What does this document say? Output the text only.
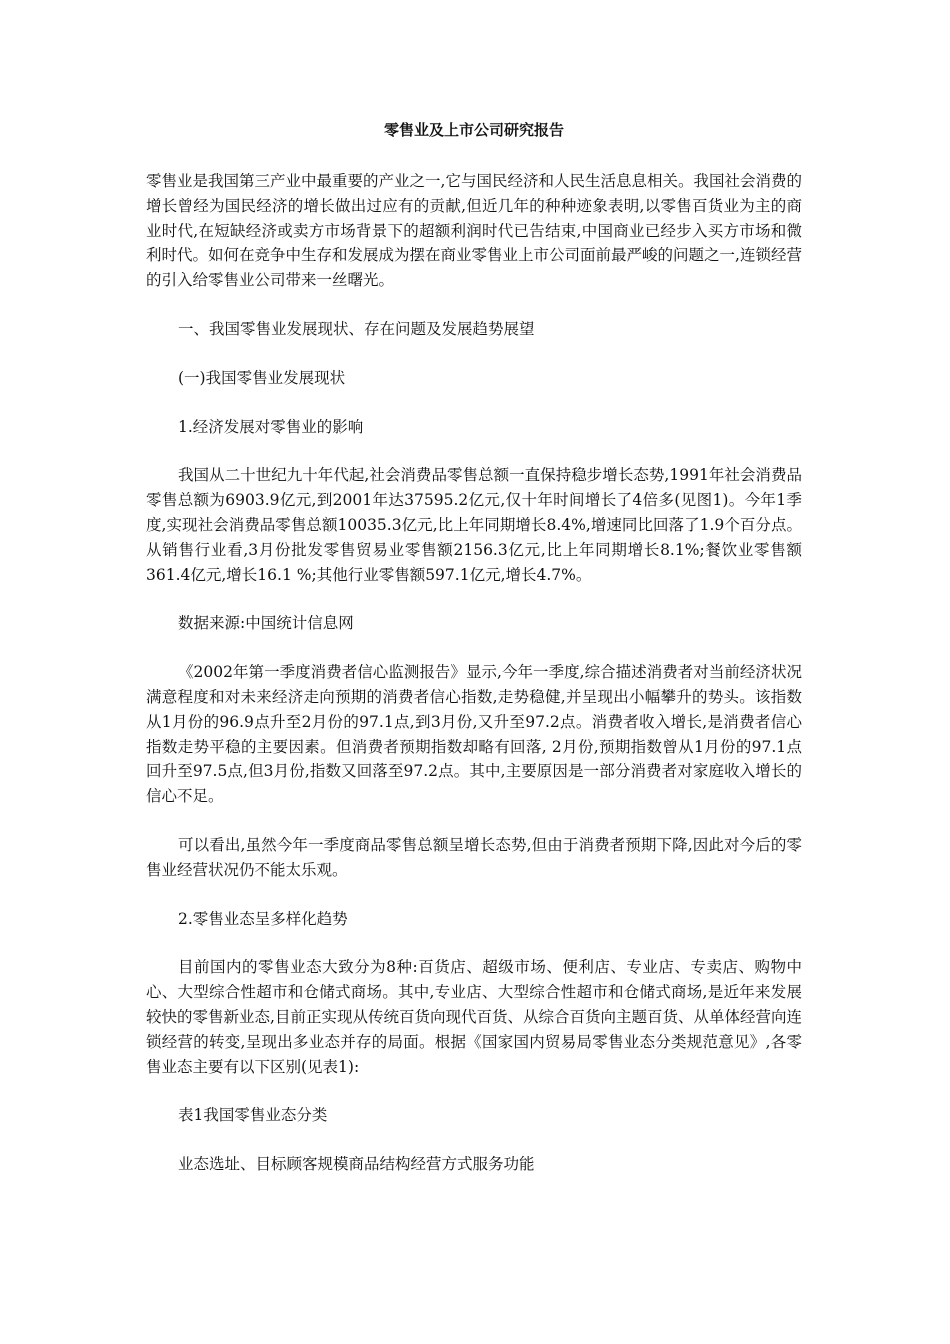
零售业及上市公司研究报告

零售业是我国第三产业中最重要的产业之一,它与国民经济和人民生活息息相关。我国社会消费的增长曾经为国民经济的增长做出过应有的贡献,但近几年的种种迹象表明,以零售百货业为主的商业时代,在短缺经济或卖方市场背景下的超额利润时代已告结束,中国商业已经步入买方市场和微利时代。如何在竞争中生存和发展成为摆在商业零售业上市公司面前最严峻的问题之一,连锁经营的引入给零售业公司带来一丝曙光。

一、我国零售业发展现状、存在问题及发展趋势展望

(一)我国零售业发展现状

1.经济发展对零售业的影响

我国从二十世纪九十年代起,社会消费品零售总额一直保持稳步增长态势,1991年社会消费品零售总额为6903.9亿元,到2001年达37595.2亿元,仅十年时间增长了4倍多(见图1)。今年1季度,实现社会消费品零售总额10035.3亿元,比上年同期增长8.4%,增速同比回落了1.9个百分点。从销售行业看,3月份批发零售贸易业零售额2156.3亿元,比上年同期增长8.1%;餐饮业零售额361.4亿元,增长16.1 %;其他行业零售额597.1亿元,增长4.7%。

数据来源:中国统计信息网

《2002年第一季度消费者信心监测报告》显示,今年一季度,综合描述消费者对当前经济状况满意程度和对未来经济走向预期的消费者信心指数,走势稳健,并呈现出小幅攀升的势头。该指数从1月份的96.9点升至2月份的97.1点,到3月份,又升至97.2点。消费者收入增长,是消费者信心指数走势平稳的主要因素。但消费者预期指数却略有回落, 2月份,预期指数曾从1月份的97.1点回升至97.5点,但3月份,指数又回落至97.2点。其中,主要原因是一部分消费者对家庭收入增长的信心不足。

可以看出,虽然今年一季度商品零售总额呈增长态势,但由于消费者预期下降,因此对今后的零售业经营状况仍不能太乐观。

2.零售业态呈多样化趋势

目前国内的零售业态大致分为8种:百货店、超级市场、便利店、专业店、专卖店、购物中心、大型综合性超市和仓储式商场。其中,专业店、大型综合性超市和仓储式商场,是近年来发展较快的零售新业态,目前正实现从传统百货向现代百货、从综合百货向主题百货、从单体经营向连锁经营的转变,呈现出多业态并存的局面。根据《国家国内贸易局零售业态分类规范意见》,各零售业态主要有以下区别(见表1):

表1我国零售业态分类

业态选址、目标顾客规模商品结构经营方式服务功能
